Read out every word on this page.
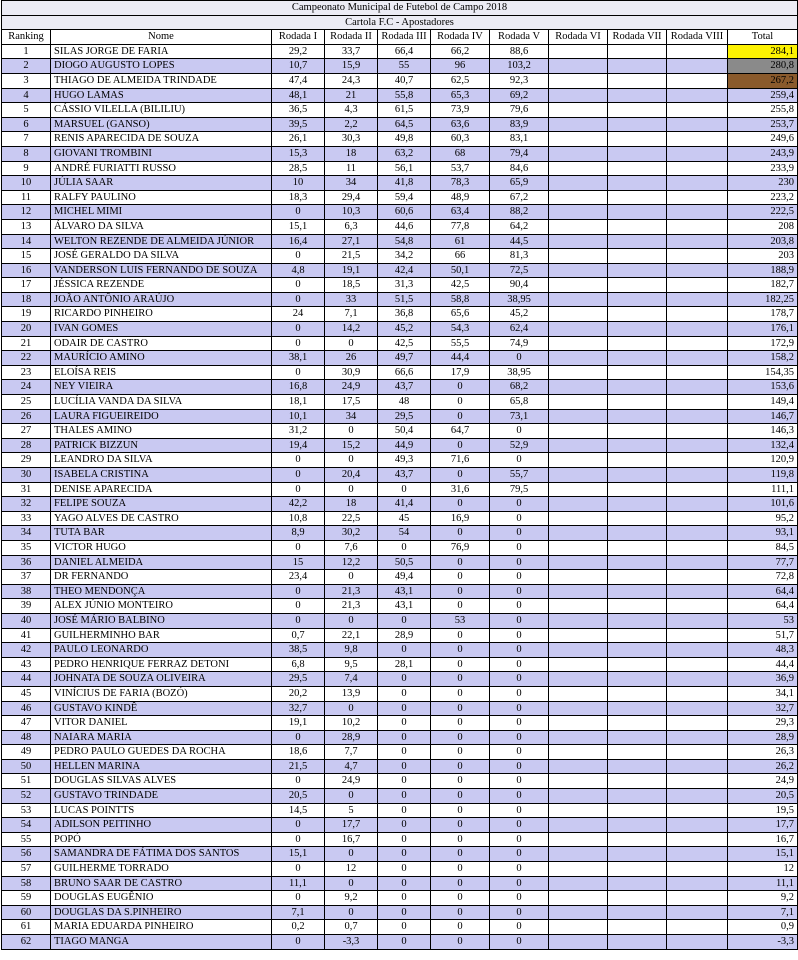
Campeonato Municipal de Futebol de Campo 2018										
Cartola F.C - Apostadores										
Ranking	Nome	Rodada I	Rodada II	Rodada III	Rodada IV	Rodada V	Rodada VI	Rodada VII	Rodada VIII	Total
1	SILAS JORGE DE FARIA	29,2	33,7	66,4	66,2	88,6				284,1
2	DIOGO AUGUSTO LOPES	10,7	15,9	55	96	103,2				280,8
3	THIAGO DE ALMEIDA TRINDADE	47,4	24,3	40,7	62,5	92,3				267,2
4	HUGO LAMAS	48,1	21	55,8	65,3	69,2				259,4
5	CÁSSIO VILELLA (BILILIU)	36,5	4,3	61,5	73,9	79,6				255,8
6	MARSUEL (GANSO)	39,5	2,2	64,5	63,6	83,9				253,7
7	RENIS APARECIDA DE SOUZA	26,1	30,3	49,8	60,3	83,1				249,6
8	GIOVANI TROMBINI	15,3	18	63,2	68	79,4				243,9
9	ANDRÉ FURIATTI RUSSO	28,5	11	56,1	53,7	84,6				233,9
10	JÚLIA SAAR	10	34	41,8	78,3	65,9				230
11	RALFY PAULINO	18,3	29,4	59,4	48,9	67,2				223,2
12	MICHEL MIMI	0	10,3	60,6	63,4	88,2				222,5
13	ÁLVARO DA SILVA	15,1	6,3	44,6	77,8	64,2				208
14	WELTON REZENDE DE ALMEIDA JÚNIOR	16,4	27,1	54,8	61	44,5				203,8
15	JOSÉ GERALDO DA SILVA	0	21,5	34,2	66	81,3				203
16	VANDERSON LUIS FERNANDO DE SOUZA	4,8	19,1	42,4	50,1	72,5				188,9
17	JÉSSICA REZENDE	0	18,5	31,3	42,5	90,4				182,7
18	JOÃO ANTÔNIO ARAÚJO	0	33	51,5	58,8	38,95				182,25
19	RICARDO PINHEIRO	24	7,1	36,8	65,6	45,2				178,7
20	IVAN GOMES	0	14,2	45,2	54,3	62,4				176,1
21	ODAIR DE CASTRO	0	0	42,5	55,5	74,9				172,9
22	MAURÍCIO AMINO	38,1	26	49,7	44,4	0				158,2
23	ELOÍSA REIS	0	30,9	66,6	17,9	38,95				154,35
24	NEY VIEIRA	16,8	24,9	43,7	0	68,2				153,6
25	LUCÍLIA VANDA DA SILVA	18,1	17,5	48	0	65,8				149,4
26	LAURA FIGUEIREIDO	10,1	34	29,5	0	73,1				146,7
27	THALES AMINO	31,2	0	50,4	64,7	0				146,3
28	PATRICK BIZZUN	19,4	15,2	44,9	0	52,9				132,4
29	LEANDRO DA SILVA	0	0	49,3	71,6	0				120,9
30	ISABELA CRISTINA	0	20,4	43,7	0	55,7				119,8
31	DENISE APARECIDA	0	0	0	31,6	79,5				111,1
32	FELIPE SOUZA	42,2	18	41,4	0	0				101,6
33	YAGO ALVES DE CASTRO	10,8	22,5	45	16,9	0				95,2
34	TUTA BAR	8,9	30,2	54	0	0				93,1
35	VICTOR HUGO	0	7,6	0	76,9	0				84,5
36	DANIEL ALMEIDA	15	12,2	50,5	0	0				77,7
37	DR FERNANDO	23,4	0	49,4	0	0				72,8
38	THEO MENDONÇA	0	21,3	43,1	0	0				64,4
39	ALEX JÚNIO MONTEIRO	0	21,3	43,1	0	0				64,4
40	JOSÉ MÁRIO BALBINO	0	0	0	53	0				53
41	GUILHERMINHO BAR	0,7	22,1	28,9	0	0				51,7
42	PAULO LEONARDO	38,5	9,8	0	0	0				48,3
43	PEDRO HENRIQUE FERRAZ DETONI	6,8	9,5	28,1	0	0				44,4
44	JOHNATA DE SOUZA OLIVEIRA	29,5	7,4	0	0	0				36,9
45	VINÍCIUS DE FARIA (BOZÓ)	20,2	13,9	0	0	0				34,1
46	GUSTAVO KINDÊ	32,7	0	0	0	0				32,7
47	VITOR DANIEL	19,1	10,2	0	0	0				29,3
48	NAIARA MARIA	0	28,9	0	0	0				28,9
49	PEDRO PAULO GUEDES DA ROCHA	18,6	7,7	0	0	0				26,3
50	HELLEN MARINA	21,5	4,7	0	0	0				26,2
51	DOUGLAS SILVAS ALVES	0	24,9	0	0	0				24,9
52	GUSTAVO TRINDADE	20,5	0	0	0	0				20,5
53	LUCAS POINTTS	14,5	5	0	0	0				19,5
54	ADILSON PEITINHO	0	17,7	0	0	0				17,7
55	POPÓ	0	16,7	0	0	0				16,7
56	SAMANDRA DE FÁTIMA DOS SANTOS	15,1	0	0	0	0				15,1
57	GUILHERME TORRADO	0	12	0	0	0				12
58	BRUNO SAAR DE CASTRO	11,1	0	0	0	0				11,1
59	DOUGLAS EUGÊNIO	0	9,2	0	0	0				9,2
60	DOUGLAS DA S.PINHEIRO	7,1	0	0	0	0				7,1
61	MARIA EDUARDA PINHEIRO	0,2	0,7	0	0	0				0,9
62	TIAGO MANGA	0	-3,3	0	0	0				-3,3
